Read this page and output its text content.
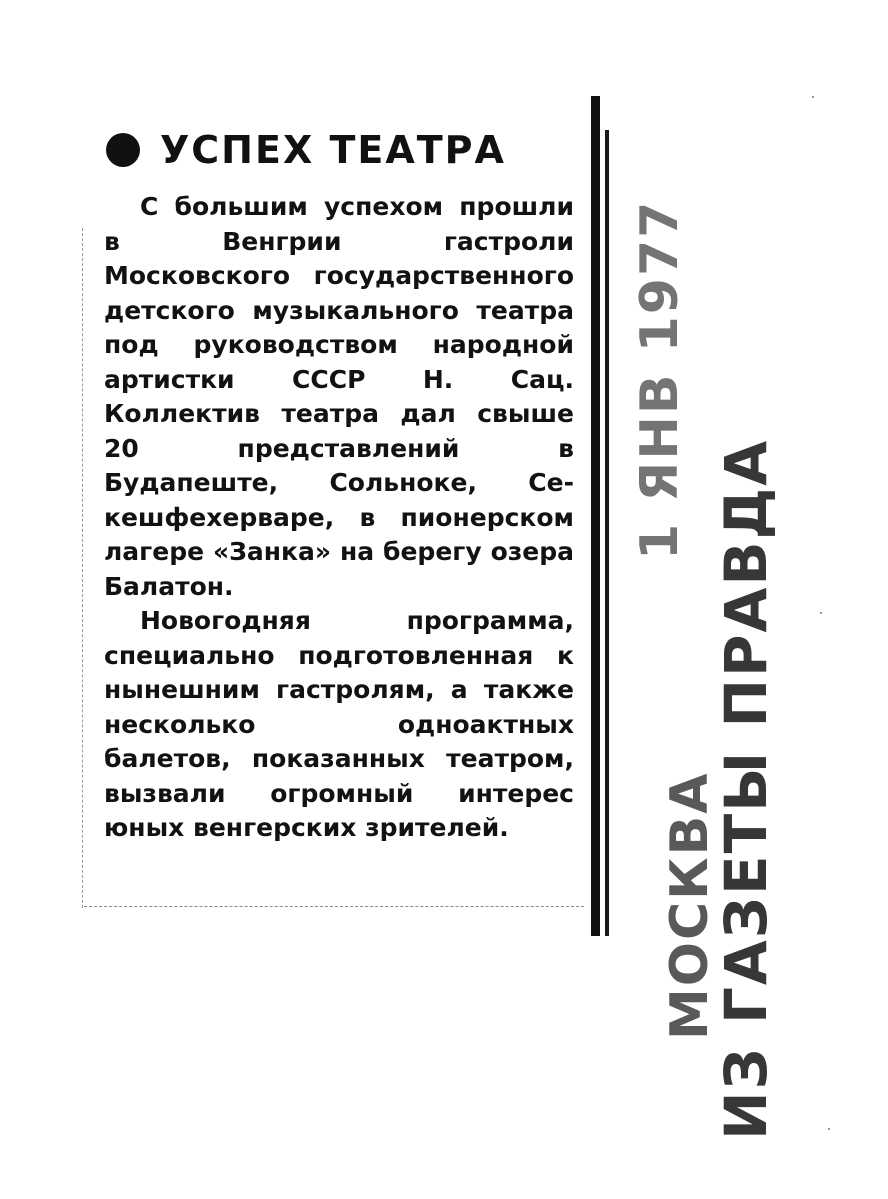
УСПЕХ ТЕАТРА

С большим успехом прошли в Венгрии гастроли Московского государственного детского музыкального театра под руководством народной артистки СССР Н. Сац. Коллектив театра дал свыше 20 представлений в Будапеште, Сольноке, Секешфехерваре, в пионерском лагере «Занка» на берегу озера Балатон.

Новогодняя программа, специально подготовленная к нынешним гастролям, а также несколько одноактных балетов, показанных театром, вызвали огромный интерес юных венгерских зрителей.

1 ЯНВ 1977
МОСКВА
ИЗ ГАЗЕТЫ ПРАВДА
